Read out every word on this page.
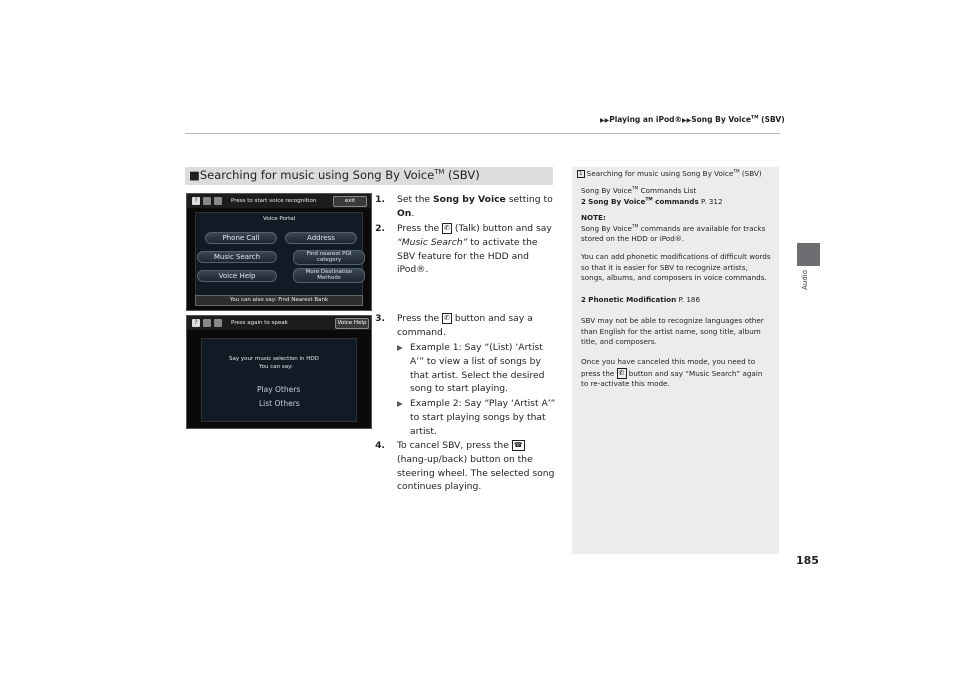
▶▶Playing an iPod®▶▶Song By Voice™ (SBV)
Audio
185
■Searching for music using Song By Voice™ (SBV)
?	Press to start voice recognition	exit
Voice Portal
Phone Call	Address
Music Search	Find nearest POI category
Voice Help	More Destination Methods
You can also say: Find Nearest Bank
?	Press again to speak	Voice Help
Say your music selection in HDD
You can say:
Play Others
List Others
1. Set the Song by Voice setting to On.
2. Press the ✆ (Talk) button and say “Music Search” to activate the SBV feature for the HDD and iPod®.
3. Press the ✆ button and say a command.
▶ Example 1: Say “(List) ‘Artist A’” to view a list of songs by that artist. Select the desired song to start playing.
▶ Example 2: Say “Play ‘Artist A’” to start playing songs by that artist.
4. To cancel SBV, press the ☎ (hang-up/back) button on the steering wheel. The selected song continues playing.
1 Searching for music using Song By Voice™ (SBV)
Song By Voice™ Commands List
2 Song By Voice™ commands P. 312
NOTE:
Song By Voice™ commands are available for tracks stored on the HDD or iPod®.
You can add phonetic modifications of difficult words so that it is easier for SBV to recognize artists, songs, albums, and composers in voice commands.
2 Phonetic Modification P. 186
SBV may not be able to recognize languages other than English for the artist name, song title, album title, and composers.
Once you have canceled this mode, you need to press the ✆ button and say “Music Search” again to re-activate this mode.
